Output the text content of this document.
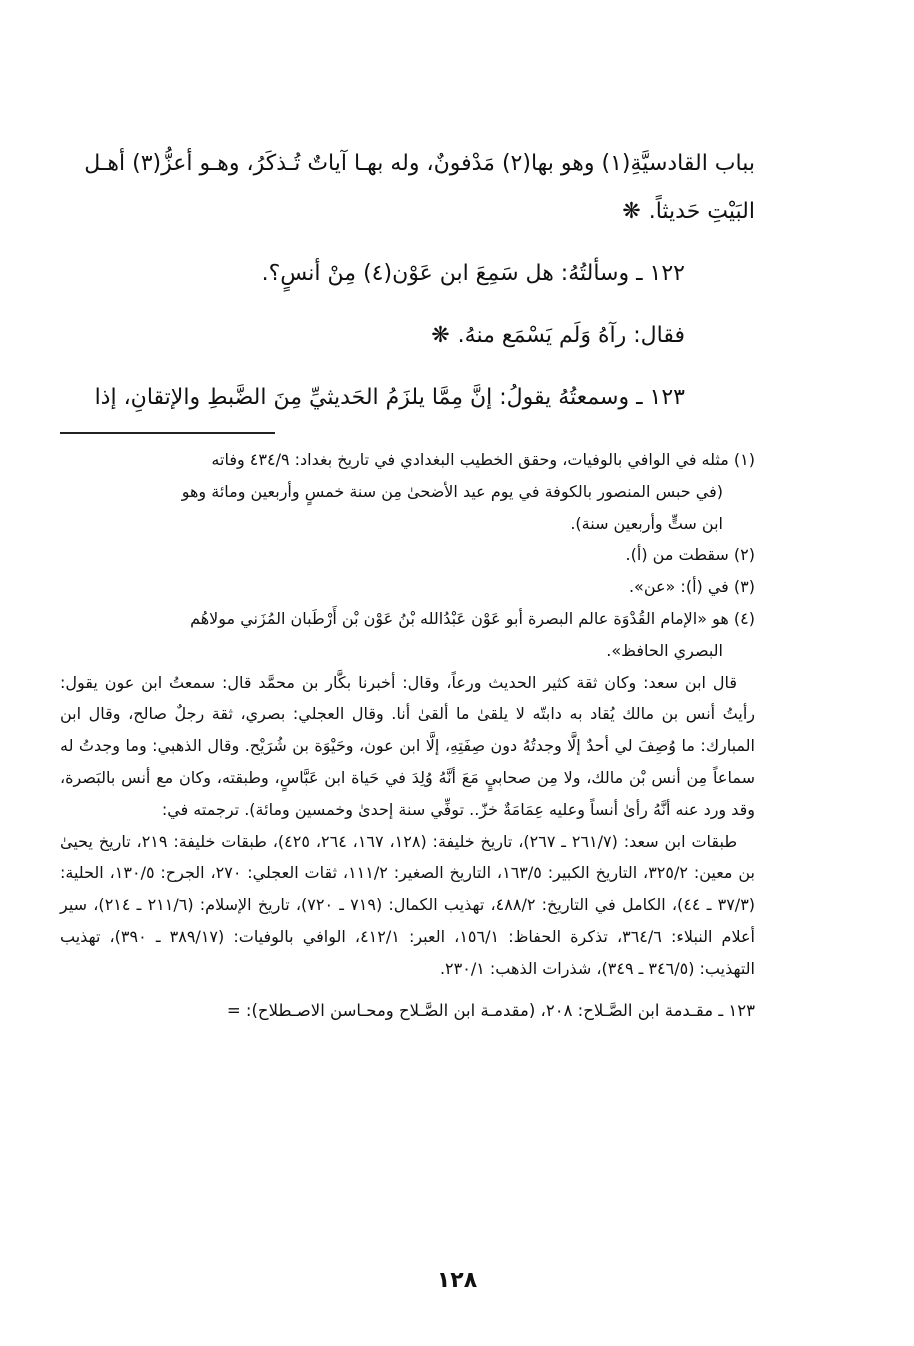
بباب القادسيَّةِ(١) وهو بها(٢) مَدْفونٌ، وله بهـا آياتٌ تُـذكَرُ، وهـو أعزُّ(٣) أهـل

البَيْتِ حَديثاً.❋

١٢٢ ـ وسألتُهُ: هل سَمِعَ ابن عَوْن(٤) مِنْ أنسٍ؟.

فقال: رآهُ وَلَم يَسْمَع منهُ.❋

١٢٣ ـ وسمعتُهُ يقولُ: إنَّ مِمَّا يلزَمُ الحَديثيِّ مِنَ الضَّبطِ والإتقانِ، إذا

(١) مثله في الوافي بالوفيات، وحقق الخطيب البغدادي في تاريخ بغداد: ٤٣٤/٩ وفاته

(في حبس المنصور بالكوفة في يوم عيد الأضحىٰ مِن سنة خمسٍ وأربعين ومائة وهو

ابن ستٍّ وأربعين سنة).

(٢) سقطت من (أ).

(٣) في (أ): «عن».

(٤) هو «الإمام القُدْوَة عالم البصرة أبو عَوْن عَبْدُالله بْنُ عَوْن بْن أَرْطَبان المُزَني مولاهُم

البصري الحافظ».

قال ابن سعد: وكان ثقة كثير الحديث ورعاً، وقال: أخبرنا بكَّار بن محمَّد قال: سمعتُ ابن عون يقول: رأيتُ أنس بن مالك يُقاد به دابتّه لا يلقىٰ ما ألقىٰ أنا. وقال العجلي: بصري، ثقة رجلٌ صالح، وقال ابن المبارك: ما وُصِفَ لي أحدٌ إلَّا وجدتُهُ دون صِفَتِهِ، إلَّا ابن عون، وحَيْوَة بن شُرَيْح. وقال الذهبي: وما وجدتُ له سماعاً مِن أنس بْن مالك، ولا مِن صحابيٍ مَعَ أنَّهُ وُلِدَ في حَياة ابن عَبَّاسٍ، وطبقته، وكان مع أنس بالبَصرة، وقد ورد عنه أنَّهُ رأىٰ أنساً وعليه عِمَامَةٌ خزّ.. توفِّي سنة إحدىٰ وخمسين ومائة). ترجمته في:

طبقات ابن سعد: (٢٦١/٧ ـ ٢٦٧)، تاريخ خليفة: (١٢٨، ١٦٧، ٢٦٤، ٤٢٥)، طبقات خليفة: ٢١٩، تاريخ يحيىٰ بن معين: ٣٢٥/٢، التاريخ الكبير: ١٦٣/٥، التاريخ الصغير: ١١١/٢، ثقات العجلي: ٢٧٠، الجرح: ١٣٠/٥، الحلية: (٣٧/٣ ـ ٤٤)، الكامل في التاريخ: ٤٨٨/٢، تهذيب الكمال: (٧١٩ ـ ٧٢٠)، تاريخ الإسلام: (٢١١/٦ ـ ٢١٤)، سير أعلام النبلاء: ٣٦٤/٦، تذكرة الحفاظ: ١٥٦/١، العبر: ٤١٢/١، الوافي بالوفيات: (٣٨٩/١٧ ـ ٣٩٠)، تهذيب التهذيب: (٣٤٦/٥ ـ ٣٤٩)، شذرات الذهب: ٢٣٠/١.

١٢٣ ـ مقـدمة ابن الصَّـلاح: ٢٠٨، (مقدمـة ابن الصَّـلاح ومحـاسن الاصـطلاح): =
١٢٨
